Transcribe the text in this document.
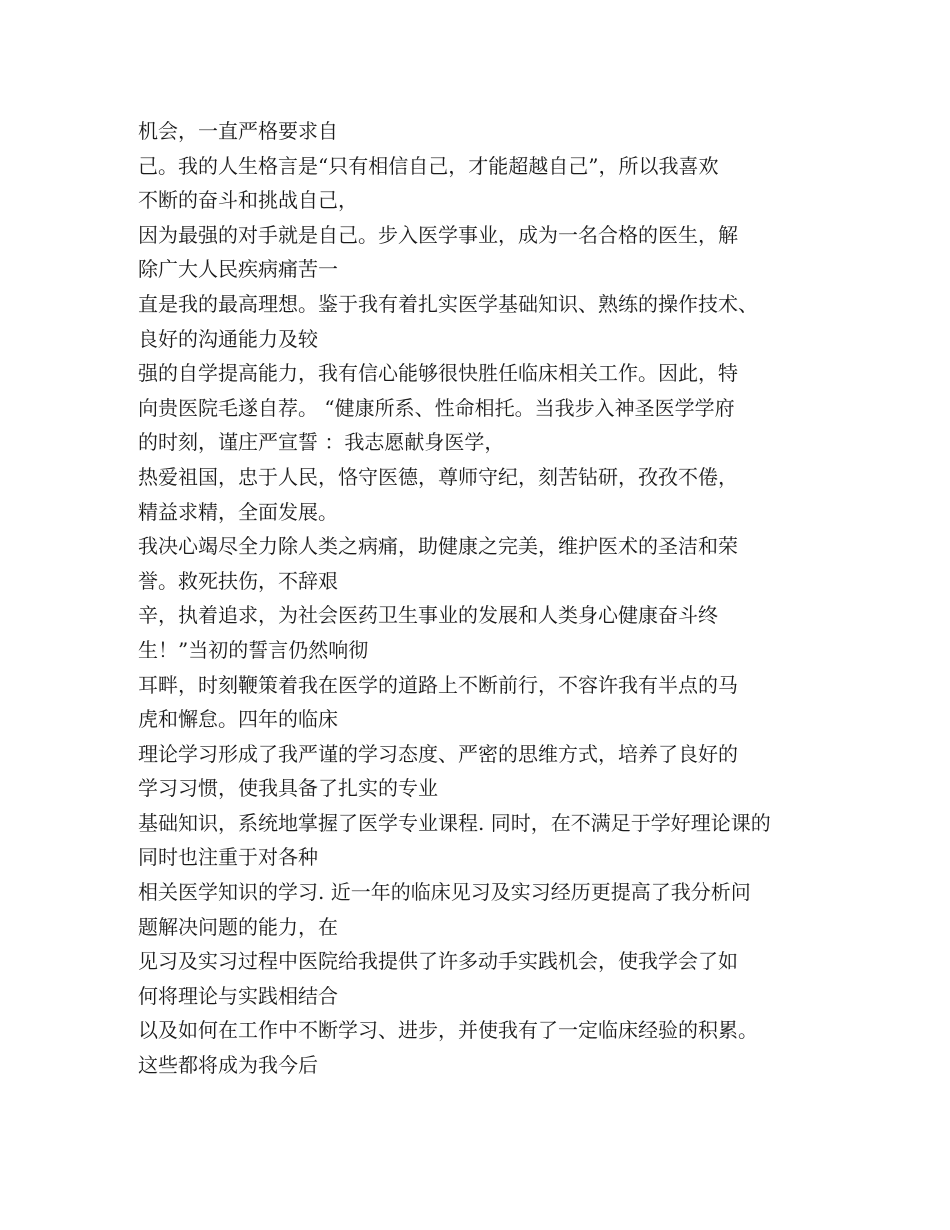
机会，一直严格要求自
己。我的人生格言是“只有相信自己，才能超越自己”，所以我喜欢
不断的奋斗和挑战自己，
因为最强的对手就是自己。步入医学事业，成为一名合格的医生，解
除广大人民疾病痛苦一
直是我的最高理想。鉴于我有着扎实医学基础知识、熟练的操作技术、
良好的沟通能力及较
强的自学提高能力，我有信心能够很快胜任临床相关工作。因此，特
向贵医院毛遂自荐。 “健康所系、性命相托。当我步入神圣医学学府
的时刻，谨庄严宣誓 ：我志愿献身医学，
热爱祖国，忠于人民，恪守医德，尊师守纪，刻苦钻研，孜孜不倦，
精益求精，全面发展。
我决心竭尽全力除人类之病痛，助健康之完美，维护医术的圣洁和荣
誉。救死扶伤，不辞艰
辛，执着追求，为社会医药卫生事业的发展和人类身心健康奋斗终
生！”当初的誓言仍然响彻
耳畔，时刻鞭策着我在医学的道路上不断前行，不容许我有半点的马
虎和懈怠。四年的临床
理论学习形成了我严谨的学习态度、严密的思维方式，培养了良好的
学习习惯，使我具备了扎实的专业
基础知识，系统地掌握了医学专业课程. 同时，在不满足于学好理论课的
同时也注重于对各种
相关医学知识的学习. 近一年的临床见习及实习经历更提高了我分析问
题解决问题的能力，在
见习及实习过程中医院给我提供了许多动手实践机会，使我学会了如
何将理论与实践相结合
以及如何在工作中不断学习、进步，并使我有了一定临床经验的积累。
这些都将成为我今后
